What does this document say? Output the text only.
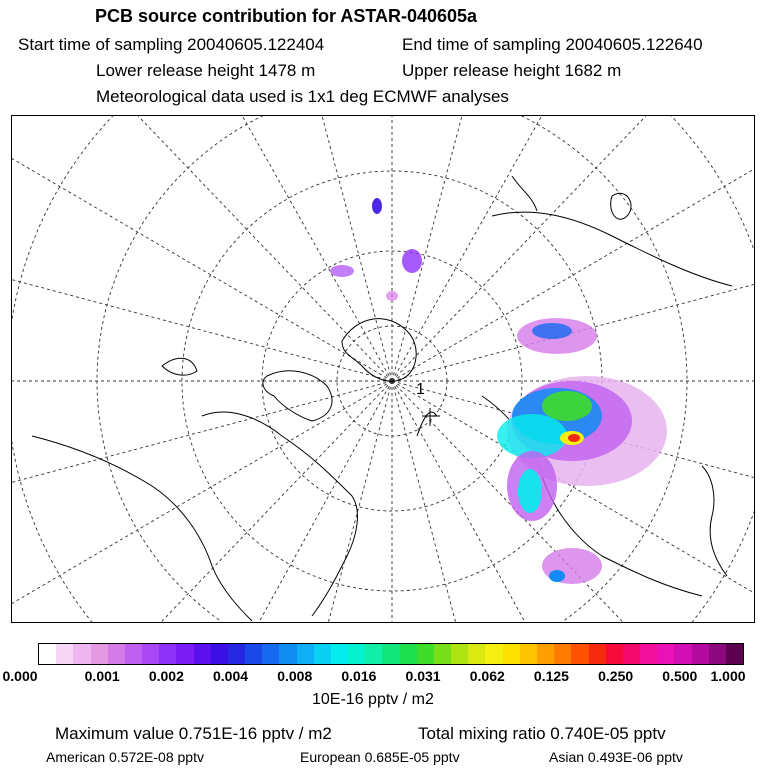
PCB source contribution for ASTAR-040605a
Start time of sampling 20040605.122404	End time of sampling 20040605.122640
Lower release height 1478 m	Upper release height 1682 m
Meteorological data used is 1x1 deg ECMWF analyses
1
0.000	0.001 0.002 0.004 0.008 0.016 0.031 0.062 0.125 0.250 0.500 1.000
10E-16 pptv / m2
Maximum value 0.751E-16 pptv / m2	Total mixing ratio 0.740E-05 pptv
American 0.572E-08 pptv	European 0.685E-05 pptv	Asian 0.493E-06 pptv
